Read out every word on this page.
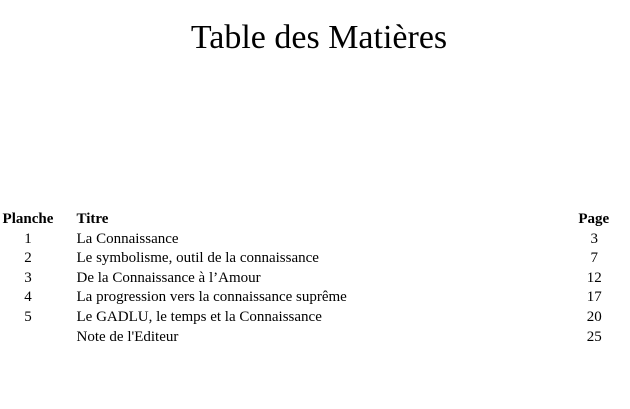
Table des Matières
Planche		Titre	Page
1		La Connaissance	3
2		Le symbolisme, outil de la connaissance	7
3		De la Connaissance à l’Amour	12
4		La progression vers la connaissance suprême	17
5		Le GADLU, le temps et la Connaissance	20
		Note de l'Editeur	25
